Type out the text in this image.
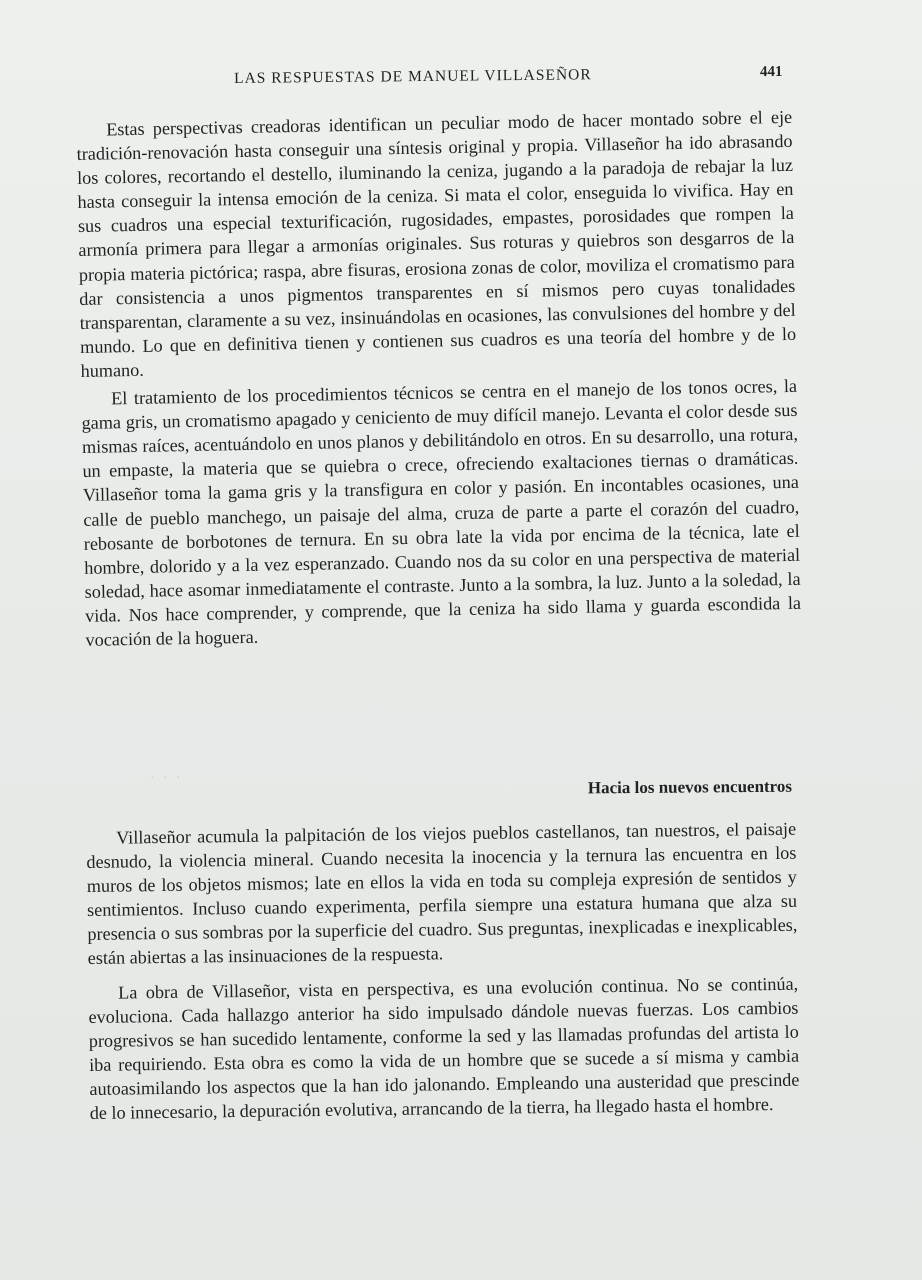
· · ·
LAS RESPUESTAS DE MANUEL VILLASEÑOR	441

Estas perspectivas creadoras identifican un peculiar modo de hacer montado sobre el eje tradición-renovación hasta conseguir una síntesis original y propia. Villaseñor ha ido abrasando los colores, recortando el destello, iluminando la ceniza, jugando a la paradoja de rebajar la luz hasta conseguir la intensa emoción de la ceniza. Si mata el color, enseguida lo vivifica. Hay en sus cuadros una especial texturificación, rugosidades, empastes, porosidades que rompen la armonía primera para llegar a armonías originales. Sus roturas y quiebros son desgarros de la propia materia pictórica; raspa, abre fisuras, erosiona zonas de color, moviliza el cromatismo para dar consistencia a unos pigmentos transparentes en sí mismos pero cuyas tonalidades transparentan, claramente a su vez, insinuándolas en ocasiones, las convulsiones del hombre y del mundo. Lo que en definitiva tienen y contienen sus cuadros es una teoría del hombre y de lo humano.

El tratamiento de los procedimientos técnicos se centra en el manejo de los tonos ocres, la gama gris, un cromatismo apagado y ceniciento de muy difícil manejo. Levanta el color desde sus mismas raíces, acentuándolo en unos planos y debilitándolo en otros. En su desarrollo, una rotura, un empaste, la materia que se quiebra o crece, ofreciendo exaltaciones tiernas o dramáticas. Villaseñor toma la gama gris y la transfigura en color y pasión. En incontables ocasiones, una calle de pueblo manchego, un paisaje del alma, cruza de parte a parte el corazón del cuadro, rebosante de borbotones de ternura. En su obra late la vida por encima de la técnica, late el hombre, dolorido y a la vez esperanzado. Cuando nos da su color en una perspectiva de material soledad, hace asomar inmediatamente el contraste. Junto a la sombra, la luz. Junto a la soledad, la vida. Nos hace comprender, y comprende, que la ceniza ha sido llama y guarda escondida la vocación de la hoguera.

Hacia los nuevos encuentros

Villaseñor acumula la palpitación de los viejos pueblos castellanos, tan nuestros, el paisaje desnudo, la violencia mineral. Cuando necesita la inocencia y la ternura las encuentra en los muros de los objetos mismos; late en ellos la vida en toda su compleja expresión de sentidos y sentimientos. Incluso cuando experimenta, perfila siempre una estatura humana que alza su presencia o sus sombras por la superficie del cuadro. Sus preguntas, inexplicadas e inexplicables, están abiertas a las insinuaciones de la respuesta.

La obra de Villaseñor, vista en perspectiva, es una evolución continua. No se continúa, evoluciona. Cada hallazgo anterior ha sido impulsado dándole nuevas fuerzas. Los cambios progresivos se han sucedido lentamente, conforme la sed y las llamadas profundas del artista lo iba requiriendo. Esta obra es como la vida de un hombre que se sucede a sí misma y cambia autoasimilando los aspectos que la han ido jalonando. Empleando una austeridad que prescinde de lo innecesario, la depuración evolutiva, arrancando de la tierra, ha llegado hasta el hombre.
